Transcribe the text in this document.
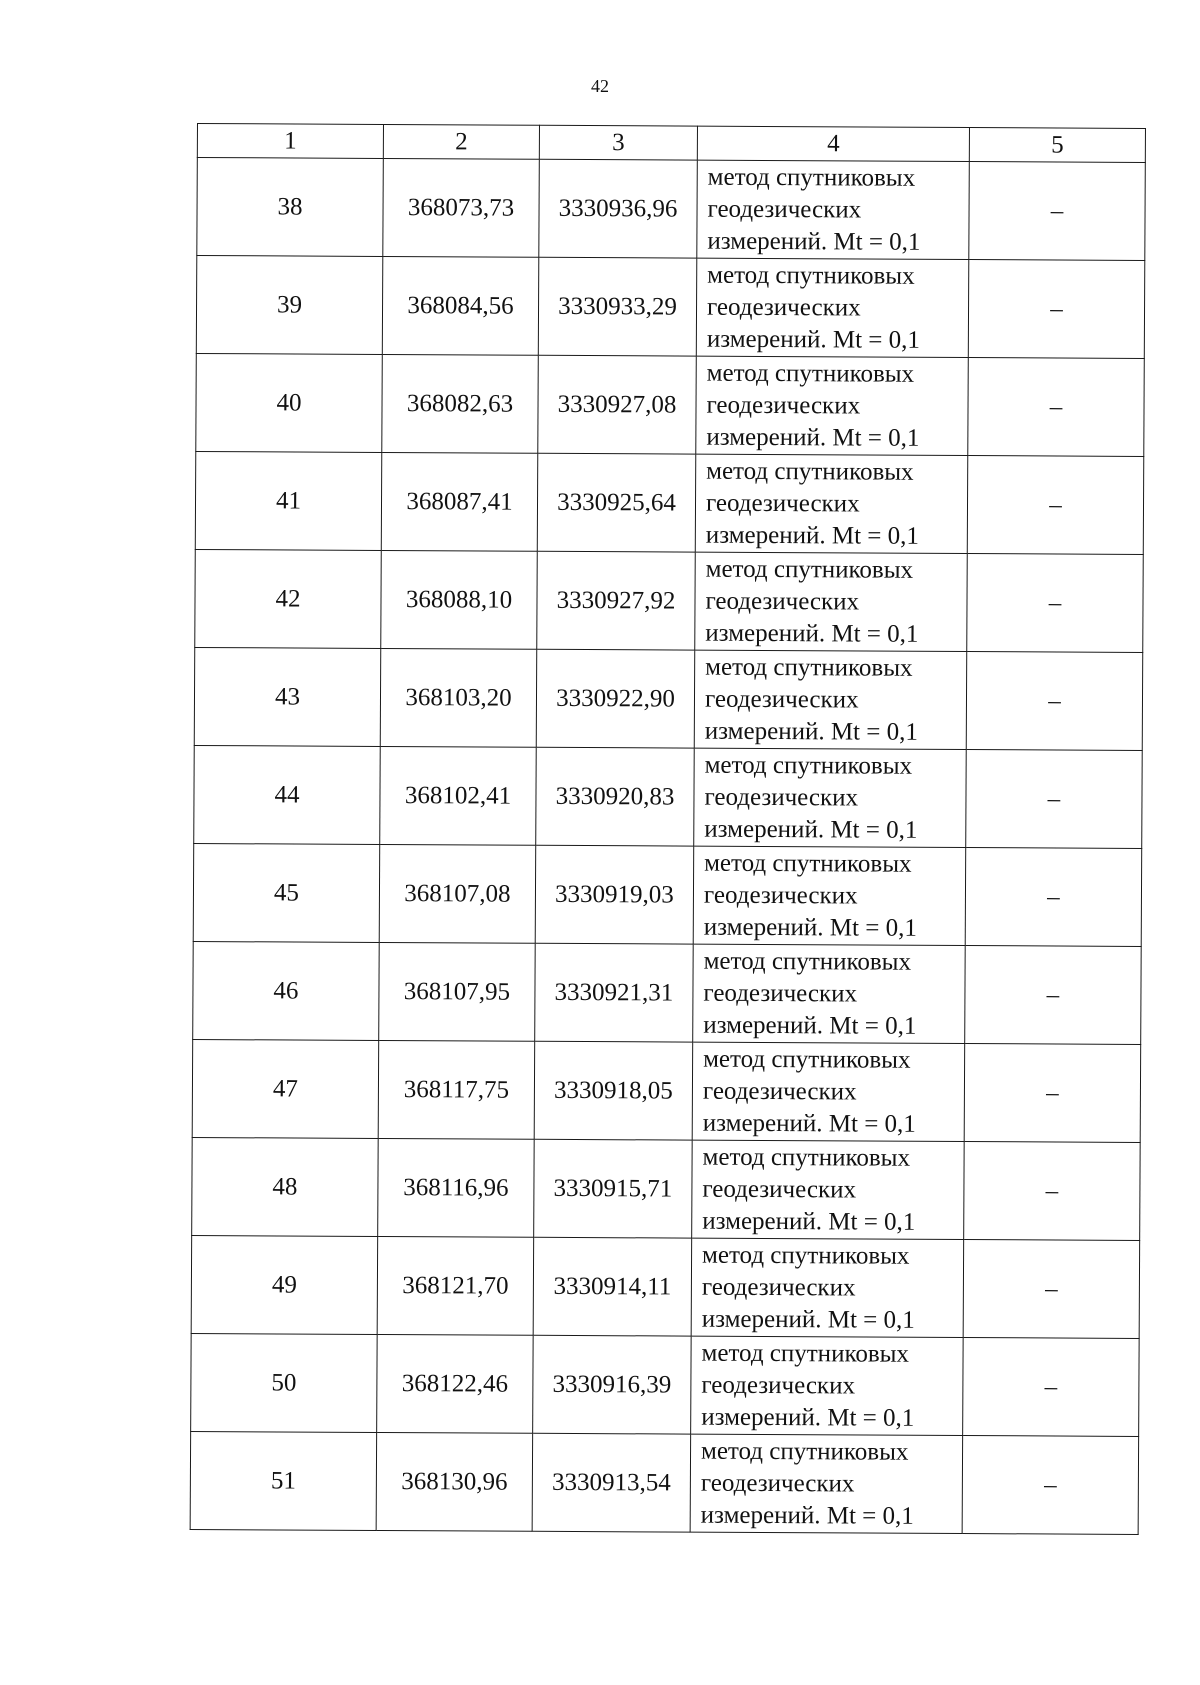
42
1	2	3	4	5
38	368073,73	3330936,96	метод спутниковых
геодезических
измерений. Mt = 0,1	–
39	368084,56	3330933,29	метод спутниковых
геодезических
измерений. Mt = 0,1	–
40	368082,63	3330927,08	метод спутниковых
геодезических
измерений. Mt = 0,1	–
41	368087,41	3330925,64	метод спутниковых
геодезических
измерений. Mt = 0,1	–
42	368088,10	3330927,92	метод спутниковых
геодезических
измерений. Mt = 0,1	–
43	368103,20	3330922,90	метод спутниковых
геодезических
измерений. Mt = 0,1	–
44	368102,41	3330920,83	метод спутниковых
геодезических
измерений. Mt = 0,1	–
45	368107,08	3330919,03	метод спутниковых
геодезических
измерений. Mt = 0,1	–
46	368107,95	3330921,31	метод спутниковых
геодезических
измерений. Mt = 0,1	–
47	368117,75	3330918,05	метод спутниковых
геодезических
измерений. Mt = 0,1	–
48	368116,96	3330915,71	метод спутниковых
геодезических
измерений. Mt = 0,1	–
49	368121,70	3330914,11	метод спутниковых
геодезических
измерений. Mt = 0,1	–
50	368122,46	3330916,39	метод спутниковых
геодезических
измерений. Mt = 0,1	–
51	368130,96	3330913,54	метод спутниковых
геодезических
измерений. Mt = 0,1	–
